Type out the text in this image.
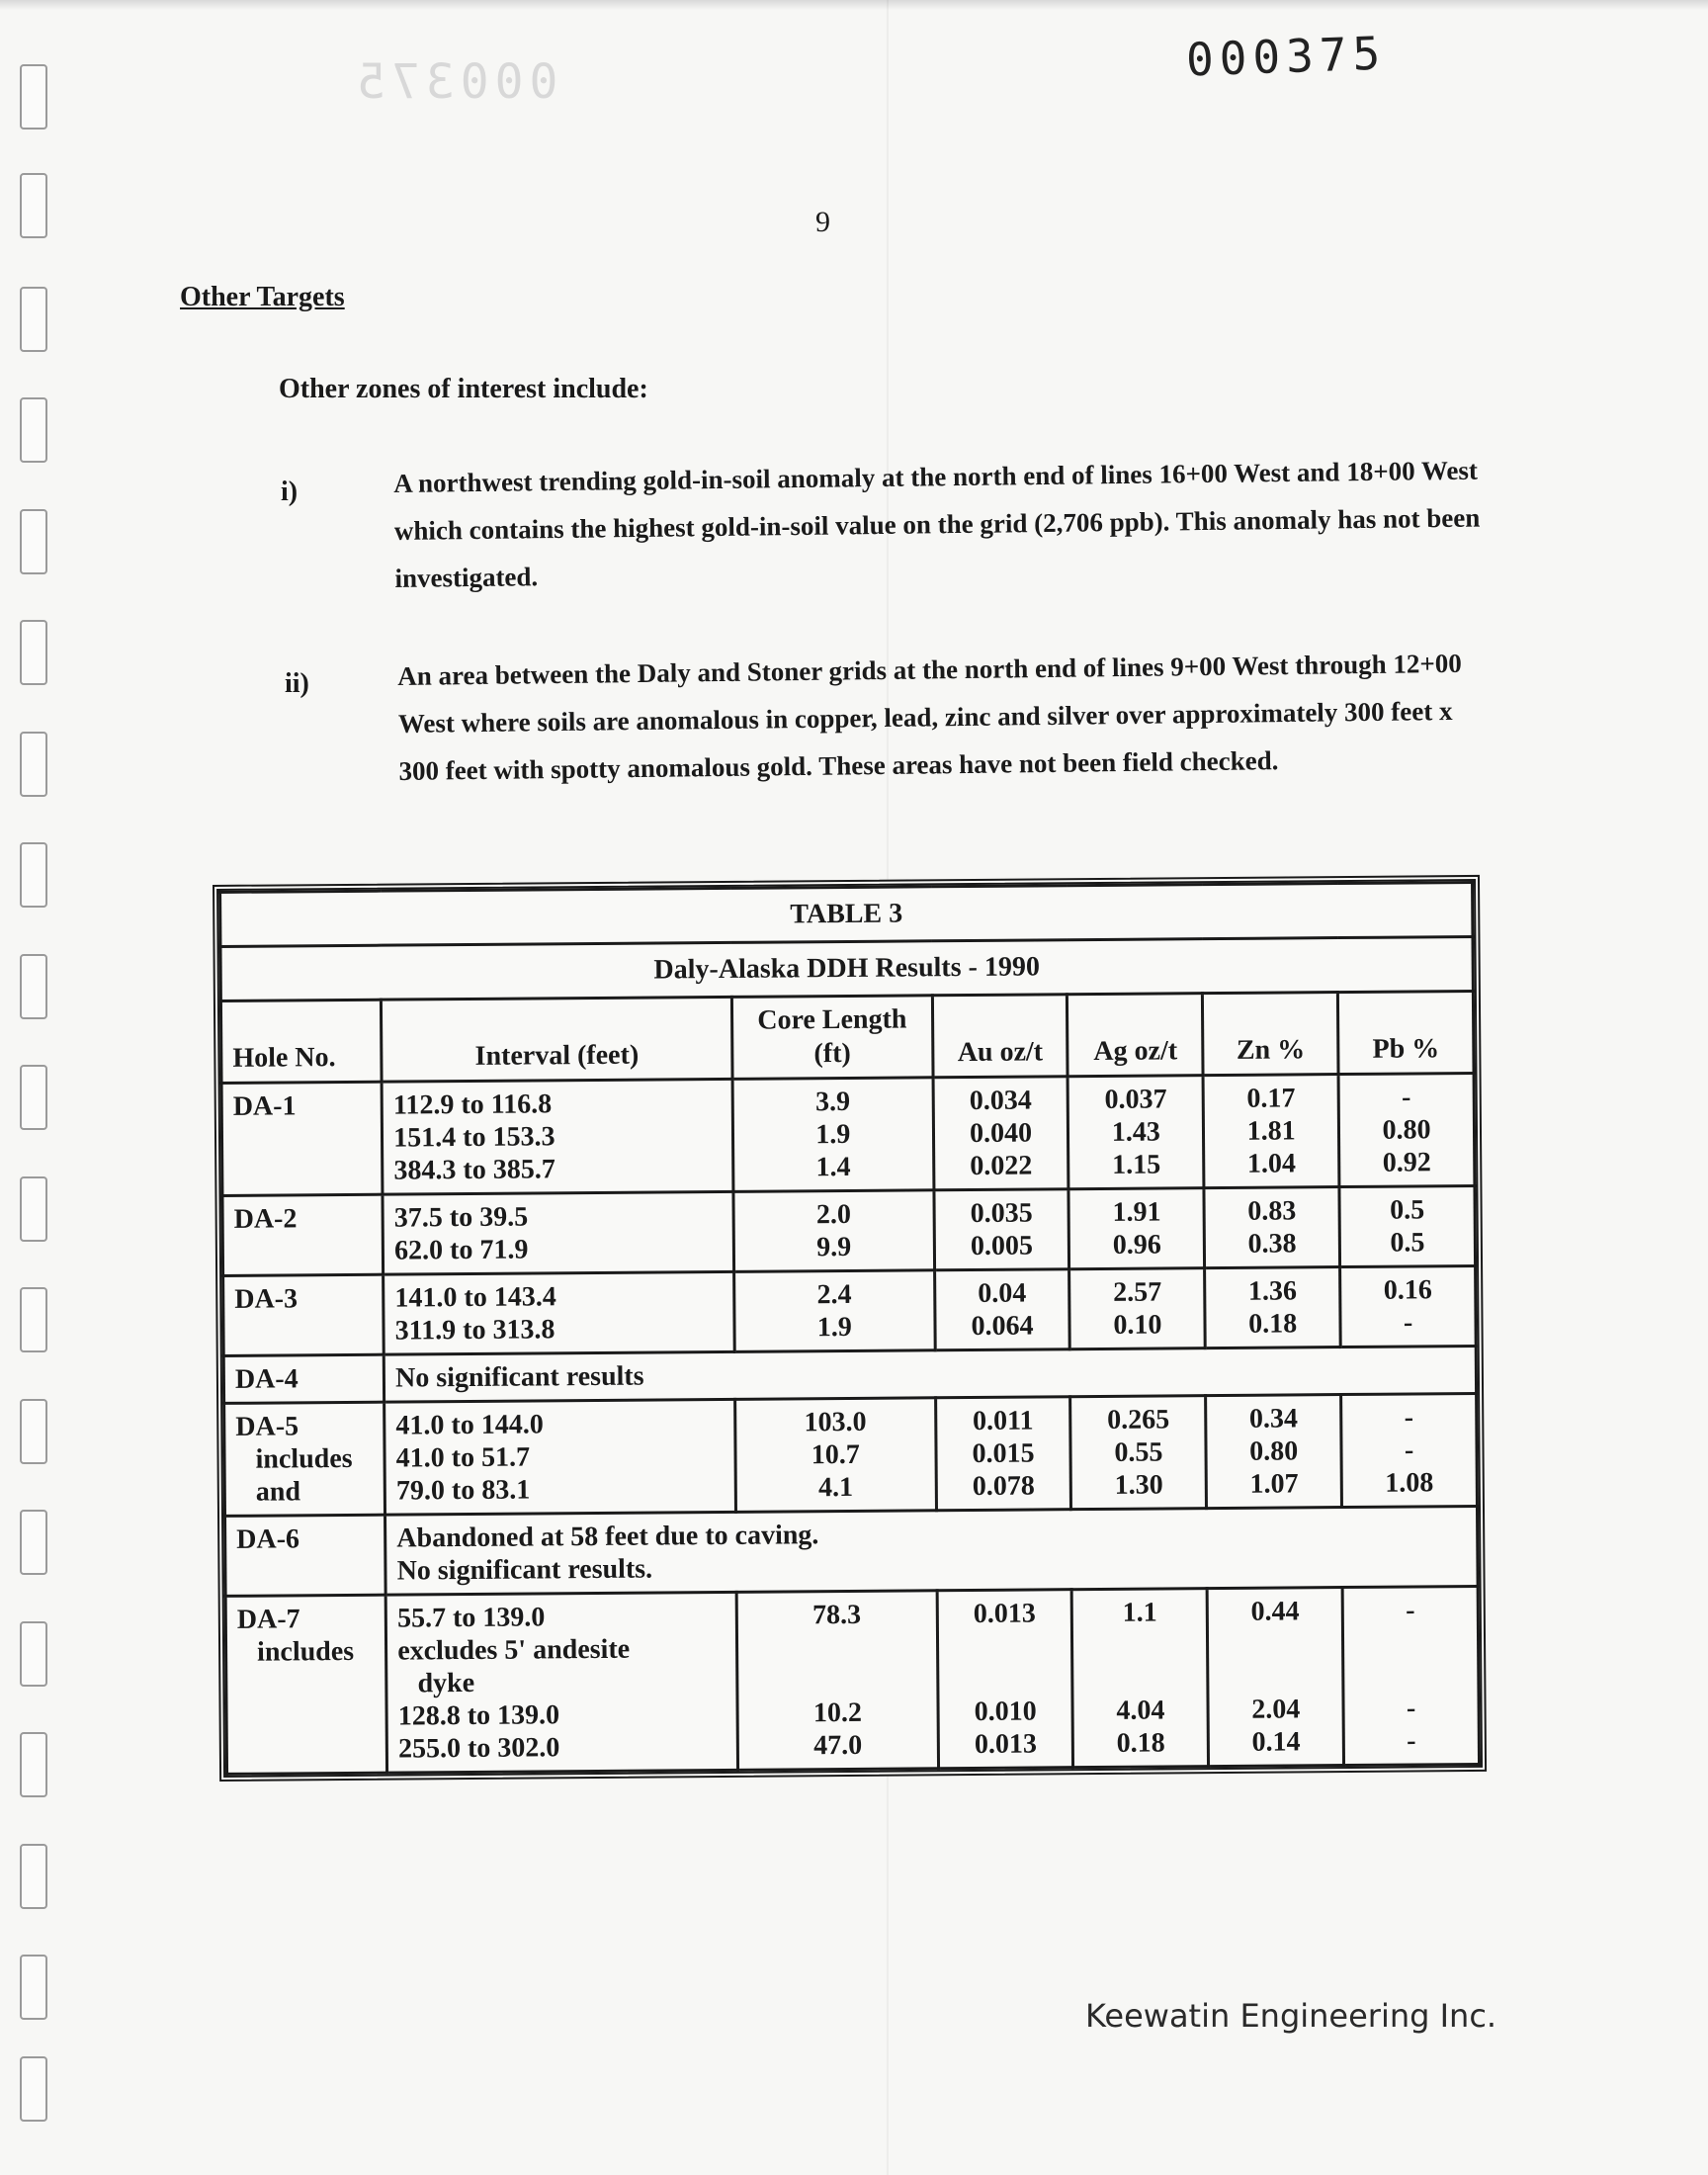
000375	000375
9
Other Targets
Other zones of interest include:
i)	A northwest trending gold-in-soil anomaly at the north end of lines 16+00 West and 18+00 West which contains the highest gold-in-soil value on the grid (2,706 ppb). This anomaly has not been investigated.
ii)	An area between the Daly and Stoner grids at the north end of lines 9+00 West through 12+00 West where soils are anomalous in copper, lead, zinc and silver over approximately 300 feet x 300 feet with spotty anomalous gold. These areas have not been field checked.
TABLE 3						
Daly-Alaska DDH Results - 1990						
Hole No.	Interval (feet)	Core Length (ft)	Au oz/t	Ag oz/t	Zn %	Pb %

DA-1	112.9 to 116.8
151.4 to 153.3
384.3 to 385.7	3.9
1.9
1.4	0.034
0.040
0.022	0.037
1.43
1.15	0.17
1.81
1.04	-
0.80
0.92

DA-2	37.5 to 39.5
62.0 to 71.9	2.0
9.9	0.035
0.005	1.91
0.96	0.83
0.38	0.5
0.5

DA-3	141.0 to 143.4
311.9 to 313.8	2.4
1.9	0.04
0.064	2.57
0.10	1.36
0.18	0.16
-

DA-4	No significant results					

DA-5
includes
and	41.0 to 144.0
41.0 to 51.7
79.0 to 83.1	103.0
10.7
4.1	0.011
0.015
0.078	0.265
0.55
1.30	0.34
0.80
1.07	-
-
1.08

DA-6	Abandoned at 58 feet due to caving.
No significant results.					

DA-7
includes	55.7 to 139.0
excludes 5' andesite
dyke
128.8 to 139.0
255.0 to 302.0	78.3

10.2
47.0	0.013

0.010
0.013	1.1

4.04
0.18	0.44

2.04
0.14	-

-
-
Keewatin Engineering Inc.
